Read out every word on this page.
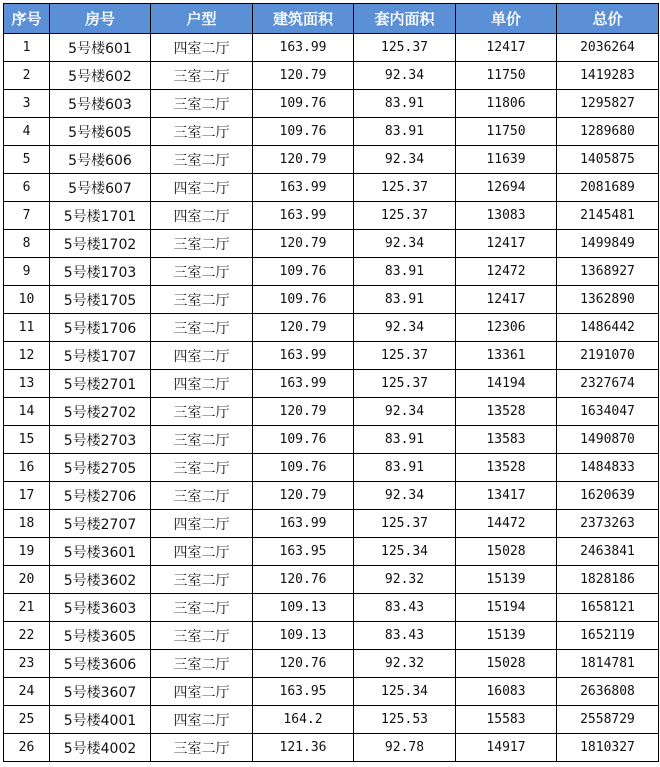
序号	房号	户型	建筑面积	套内面积	单价	总价
1	5号楼601	四室二厅	163.99	125.37	12417	2036264
2	5号楼602	三室二厅	120.79	92.34	11750	1419283
3	5号楼603	三室二厅	109.76	83.91	11806	1295827
4	5号楼605	三室二厅	109.76	83.91	11750	1289680
5	5号楼606	三室二厅	120.79	92.34	11639	1405875
6	5号楼607	四室二厅	163.99	125.37	12694	2081689
7	5号楼1701	四室二厅	163.99	125.37	13083	2145481
8	5号楼1702	三室二厅	120.79	92.34	12417	1499849
9	5号楼1703	三室二厅	109.76	83.91	12472	1368927
10	5号楼1705	三室二厅	109.76	83.91	12417	1362890
11	5号楼1706	三室二厅	120.79	92.34	12306	1486442
12	5号楼1707	四室二厅	163.99	125.37	13361	2191070
13	5号楼2701	四室二厅	163.99	125.37	14194	2327674
14	5号楼2702	三室二厅	120.79	92.34	13528	1634047
15	5号楼2703	三室二厅	109.76	83.91	13583	1490870
16	5号楼2705	三室二厅	109.76	83.91	13528	1484833
17	5号楼2706	三室二厅	120.79	92.34	13417	1620639
18	5号楼2707	四室二厅	163.99	125.37	14472	2373263
19	5号楼3601	四室二厅	163.95	125.34	15028	2463841
20	5号楼3602	三室二厅	120.76	92.32	15139	1828186
21	5号楼3603	三室二厅	109.13	83.43	15194	1658121
22	5号楼3605	三室二厅	109.13	83.43	15139	1652119
23	5号楼3606	三室二厅	120.76	92.32	15028	1814781
24	5号楼3607	四室二厅	163.95	125.34	16083	2636808
25	5号楼4001	四室二厅	164.2	125.53	15583	2558729
26	5号楼4002	三室二厅	121.36	92.78	14917	1810327
